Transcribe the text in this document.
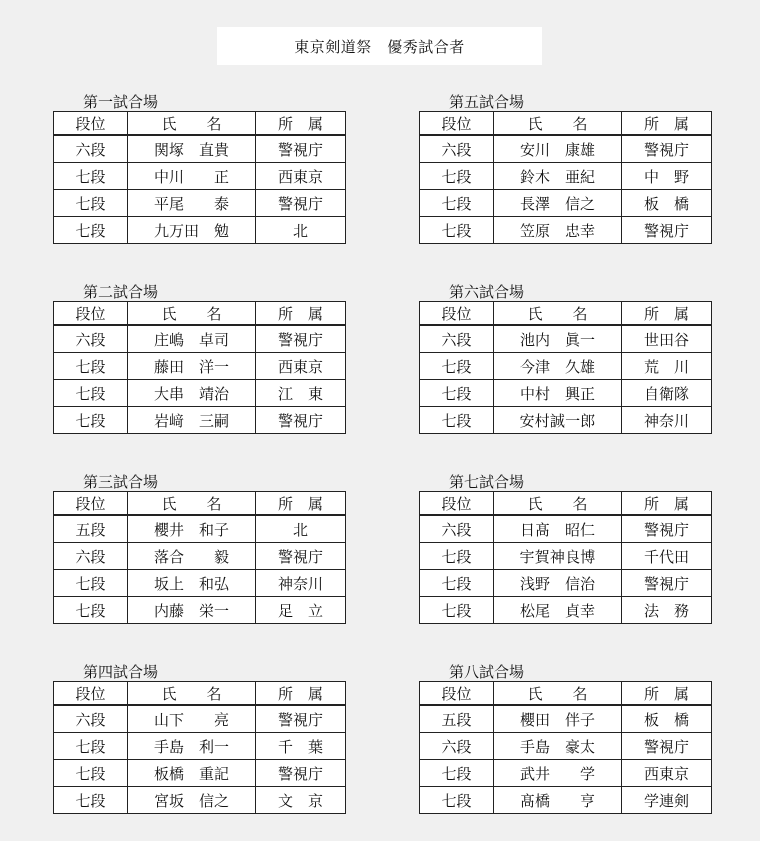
東京剣道祭　優秀試合者
第一試合場
段位	氏　　名	所　属
六段	関塚　直貴	警視庁
七段	中川　　正	西東京
七段	平尾　　泰	警視庁
七段	九万田　勉	北
第二試合場
段位	氏　　名	所　属
六段	庄嶋　卓司	警視庁
七段	藤田　洋一	西東京
七段	大串　靖治	江　東
七段	岩﨑　三嗣	警視庁
第三試合場
段位	氏　　名	所　属
五段	櫻井　和子	北
六段	落合　　毅	警視庁
七段	坂上　和弘	神奈川
七段	内藤　栄一	足　立
第四試合場
段位	氏　　名	所　属
六段	山下　　亮	警視庁
七段	手島　利一	千　葉
七段	板橋　重記	警視庁
七段	宮坂　信之	文　京
第五試合場
段位	氏　　名	所　属
六段	安川　康雄	警視庁
七段	鈴木　亜紀	中　野
七段	長澤　信之	板　橋
七段	笠原　忠幸	警視庁
第六試合場
段位	氏　　名	所　属
六段	池内　眞一	世田谷
七段	今津　久雄	荒　川
七段	中村　興正	自衛隊
七段	安村誠一郎	神奈川
第七試合場
段位	氏　　名	所　属
六段	日髙　昭仁	警視庁
七段	宇賀神良博	千代田
七段	浅野　信治	警視庁
七段	松尾　貞幸	法　務
第八試合場
段位	氏　　名	所　属
五段	櫻田　伴子	板　橋
六段	手島　豪太	警視庁
七段	武井　　学	西東京
七段	髙橋　　亨	学連剣
